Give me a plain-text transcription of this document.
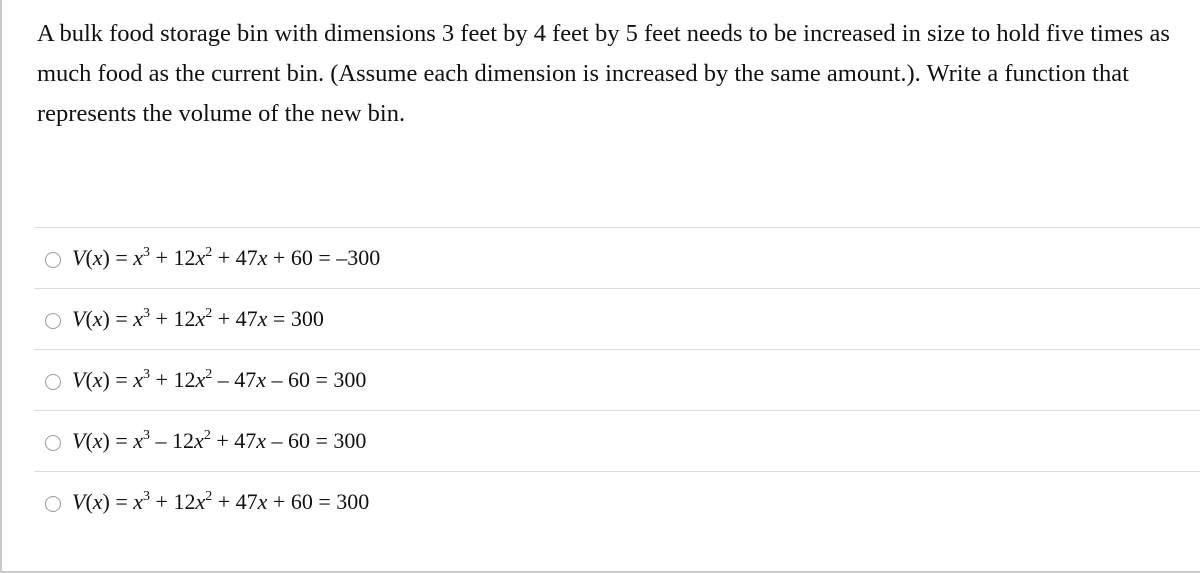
A bulk food storage bin with dimensions 3 feet by 4 feet by 5 feet needs to be increased in size to hold five times as much food as the current bin. (Assume each dimension is increased by the same amount.). Write a function that represents the volume of the new bin.
$V(x) = x^3 + 12x^2 + 47x + 60 = -300$
$V(x) = x^3 + 12x^2 + 47x = 300$
$V(x) = x^3 + 12x^2 - 47x - 60 = 300$
$V(x) = x^3 - 12x^2 + 47x - 60 = 300$
$V(x) = x^3 + 12x^2 + 47x + 60 = 300$
